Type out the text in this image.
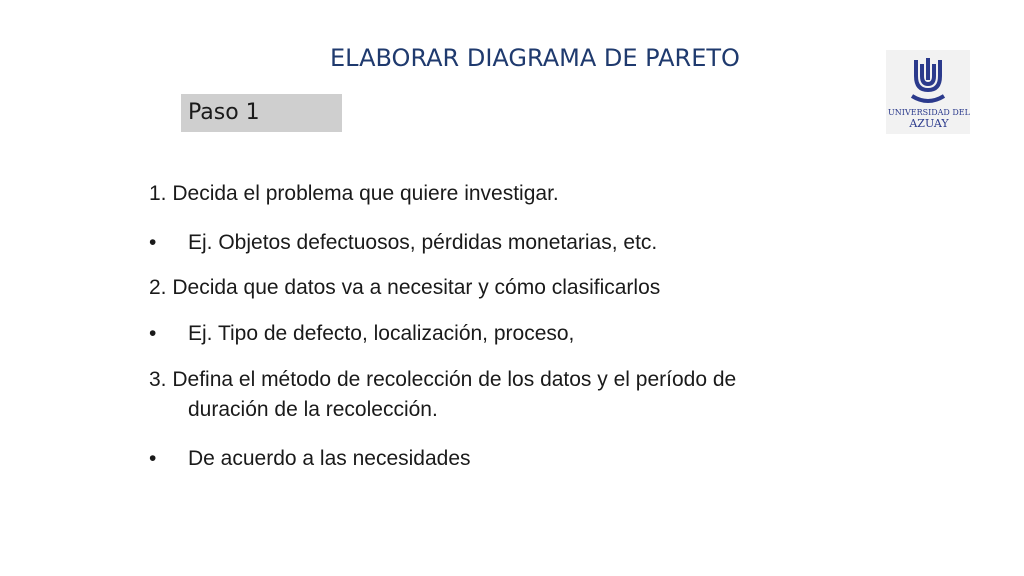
ELABORAR DIAGRAMA DE PARETO
Paso 1	UNIVERSIDAD DEL
AZUAY
1. Decida el problema que quiere investigar.
• Ej. Objetos defectuosos, pérdidas monetarias, etc.
2. Decida que datos va a necesitar y cómo clasificarlos
• Ej. Tipo de defecto, localización, proceso,
3. Defina el método de recolección de los datos y el período de
duración de la recolección.
• De acuerdo a las necesidades
